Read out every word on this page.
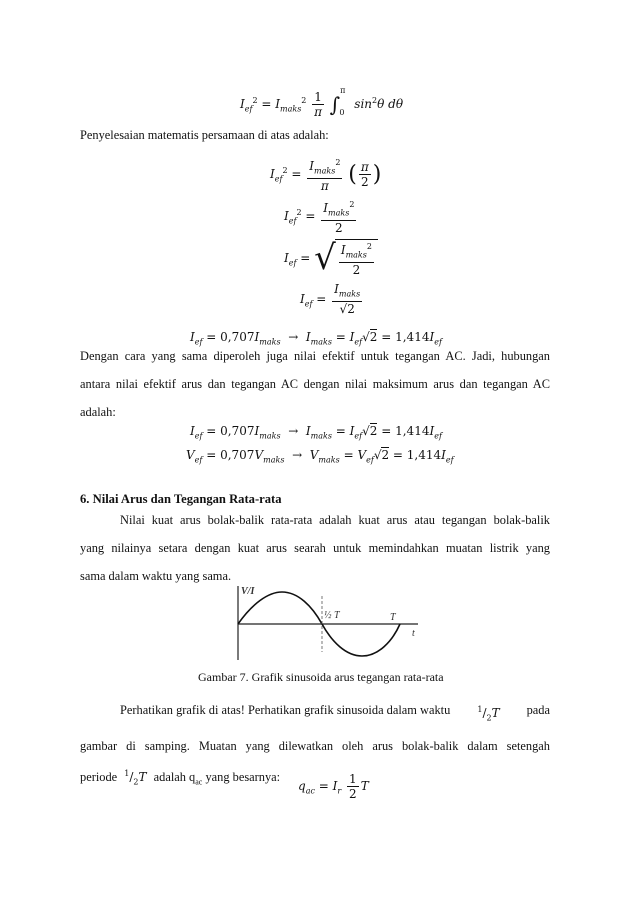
$I_{ef}^2 = I_{maks}^2 \frac{1}{\pi} \int^\pi_0$ $\sin^2\theta$ dθ
Penyelesaian matematis persamaan di atas adalah:
$I_{ef}^2 = \frac{I_{maks}^2}{\pi}$ ( $\frac{\pi}{2}$ )
$I_{ef}^2 = \frac{I_{maks}^2}{2}$
$I_{ef}$ = √ $\frac{I_{maks}^2}{2}$
$I_{ef} = \frac{I_{maks}}{√2}$
$I_{ef} = 0,707I_{maks} \to I_{maks} = I_{ef}√2 = 1,414I_{ef}$
Dengan cara yang sama diperoleh juga nilai efektif untuk tegangan AC. Jadi, hubungan
antara nilai efektif arus dan tegangan AC dengan nilai maksimum arus dan tegangan AC
adalah:
$I_{ef} = 0,707I_{maks} \to I_{maks} = I_{ef}√2 = 1,414I_{ef}$
$V_{ef} = 0,707V_{maks} \to V_{maks} = V_{ef}√2 = 1,414I_{ef}$
6. Nilai Arus dan Tegangan Rata-rata
Nilai kuat arus bolak-balik rata-rata adalah kuat arus atau tegangan bolak-balik
yang nilainya setara dengan kuat arus searah untuk memindahkan muatan listrik yang
sama dalam waktu yang sama.
V/I
t
½ T	T
Gambar 7. Grafik sinusoida arus tegangan rata-rata
Perhatikan grafik di atas! Perhatikan grafik sinusoida dalam waktu	$^1/_2T$ pada
gambar di samping. Muatan yang dilewatkan oleh arus bolak-balik dalam setengah
periode $^1/_2T$ adalah $q_{ac}$ yang besarnya:
$q_{ac} = I_r \frac{1}{2}$ T
